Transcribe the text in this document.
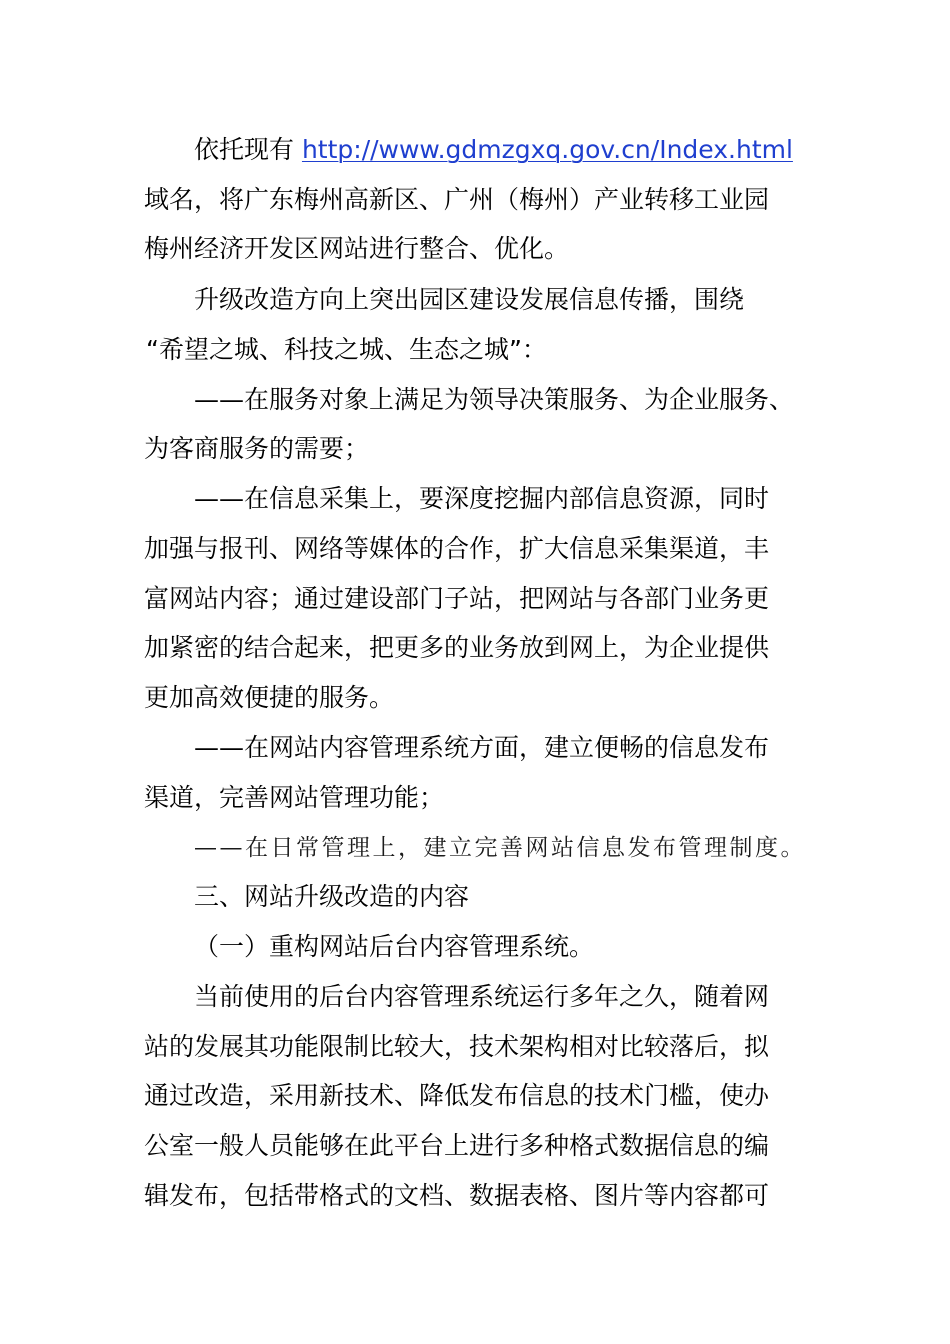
依托现有 http://www.gdmzgxq.gov.cn/Index.html
域名，将广东梅州高新区、广州（梅州）产业转移工业园
梅州经济开发区网站进行整合、优化。
升级改造方向上突出园区建设发展信息传播，围绕
“希望之城、科技之城、生态之城”：
——在服务对象上满足为领导决策服务、为企业服务、
为客商服务的需要；
——在信息采集上，要深度挖掘内部信息资源，同时
加强与报刊、网络等媒体的合作，扩大信息采集渠道，丰
富网站内容；通过建设部门子站，把网站与各部门业务更
加紧密的结合起来，把更多的业务放到网上，为企业提供
更加高效便捷的服务。
——在网站内容管理系统方面，建立便畅的信息发布
渠道，完善网站管理功能；
——在日常管理上，建立完善网站信息发布管理制度。
三、网站升级改造的内容
（一）重构网站后台内容管理系统。
当前使用的后台内容管理系统运行多年之久，随着网
站的发展其功能限制比较大，技术架构相对比较落后，拟
通过改造，采用新技术、降低发布信息的技术门槛，使办
公室一般人员能够在此平台上进行多种格式数据信息的编
辑发布，包括带格式的文档、数据表格、图片等内容都可
